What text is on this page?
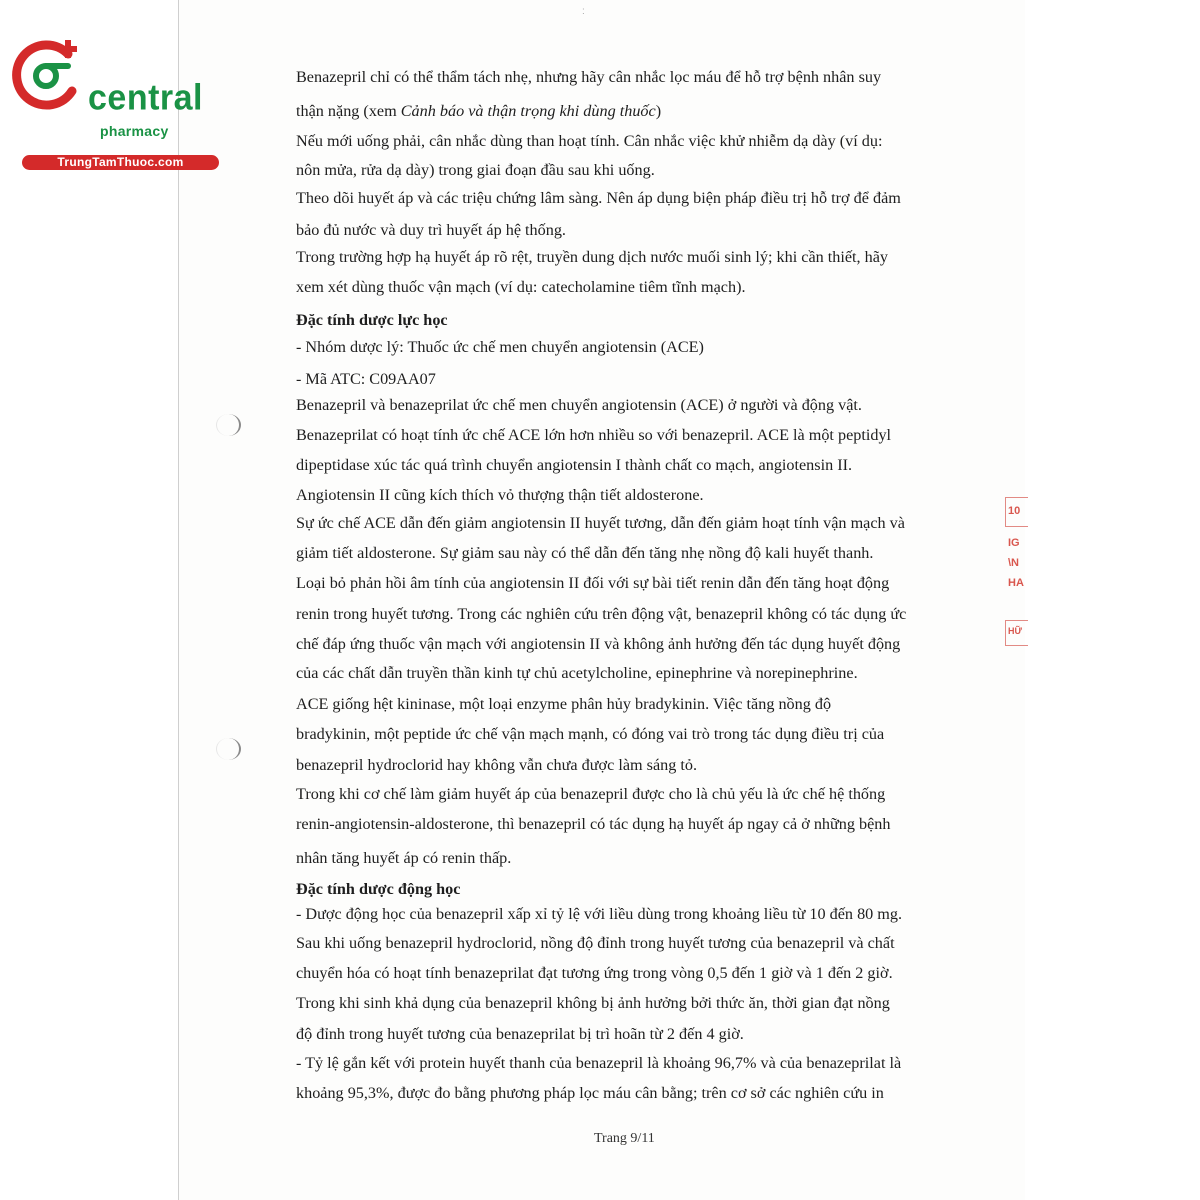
central
pharmacy
TrungTamThuoc.com
:
Benazepril chỉ có thể thẩm tách nhẹ, nhưng hãy cân nhắc lọc máu để hỗ trợ bệnh nhân suy
thận nặng (xem Cảnh báo và thận trọng khi dùng thuốc)
Nếu mới uống phải, cân nhắc dùng than hoạt tính. Cân nhắc việc khử nhiễm dạ dày (ví dụ:
nôn mửa, rửa dạ dày) trong giai đoạn đầu sau khi uống.
Theo dõi huyết áp và các triệu chứng lâm sàng. Nên áp dụng biện pháp điều trị hỗ trợ để đảm
bảo đủ nước và duy trì huyết áp hệ thống.
Trong trường hợp hạ huyết áp rõ rệt, truyền dung dịch nước muối sinh lý; khi cần thiết, hãy
xem xét dùng thuốc vận mạch (ví dụ: catecholamine tiêm tĩnh mạch).
Đặc tính dược lực học
- Nhóm dược lý: Thuốc ức chế men chuyển angiotensin (ACE)
- Mã ATC: C09AA07
Benazepril và benazeprilat ức chế men chuyển angiotensin (ACE) ở người và động vật.
Benazeprilat có hoạt tính ức chế ACE lớn hơn nhiều so với benazepril. ACE là một peptidyl
dipeptidase xúc tác quá trình chuyển angiotensin I thành chất co mạch, angiotensin II.
Angiotensin II cũng kích thích vỏ thượng thận tiết aldosterone.
Sự ức chế ACE dẫn đến giảm angiotensin II huyết tương, dẫn đến giảm hoạt tính vận mạch và
giảm tiết aldosterone. Sự giảm sau này có thể dẫn đến tăng nhẹ nồng độ kali huyết thanh.
Loại bỏ phản hồi âm tính của angiotensin II đối với sự bài tiết renin dẫn đến tăng hoạt động
renin trong huyết tương. Trong các nghiên cứu trên động vật, benazepril không có tác dụng ức
chế đáp ứng thuốc vận mạch với angiotensin II và không ảnh hưởng đến tác dụng huyết động
của các chất dẫn truyền thần kinh tự chủ acetylcholine, epinephrine và norepinephrine.
ACE giống hệt kininase, một loại enzyme phân hủy bradykinin. Việc tăng nồng độ
bradykinin, một peptide ức chế vận mạch mạnh, có đóng vai trò trong tác dụng điều trị của
benazepril hydroclorid hay không vẫn chưa được làm sáng tỏ.
Trong khi cơ chế làm giảm huyết áp của benazepril được cho là chủ yếu là ức chế hệ thống
renin-angiotensin-aldosterone, thì benazepril có tác dụng hạ huyết áp ngay cả ở những bệnh
nhân tăng huyết áp có renin thấp.
Đặc tính dược động học
- Dược động học của benazepril xấp xỉ tỷ lệ với liều dùng trong khoảng liều từ 10 đến 80 mg.
Sau khi uống benazepril hydroclorid, nồng độ đỉnh trong huyết tương của benazepril và chất
chuyển hóa có hoạt tính benazeprilat đạt tương ứng trong vòng 0,5 đến 1 giờ và 1 đến 2 giờ.
Trong khi sinh khả dụng của benazepril không bị ảnh hưởng bởi thức ăn, thời gian đạt nồng
độ đỉnh trong huyết tương của benazeprilat bị trì hoãn từ 2 đến 4 giờ.
- Tỷ lệ gắn kết với protein huyết thanh của benazepril là khoảng 96,7% và của benazeprilat là
khoảng 95,3%, được đo bằng phương pháp lọc máu cân bằng; trên cơ sở các nghiên cứu in
Trang 9/11
10
IG
\N
HA
HỮ
